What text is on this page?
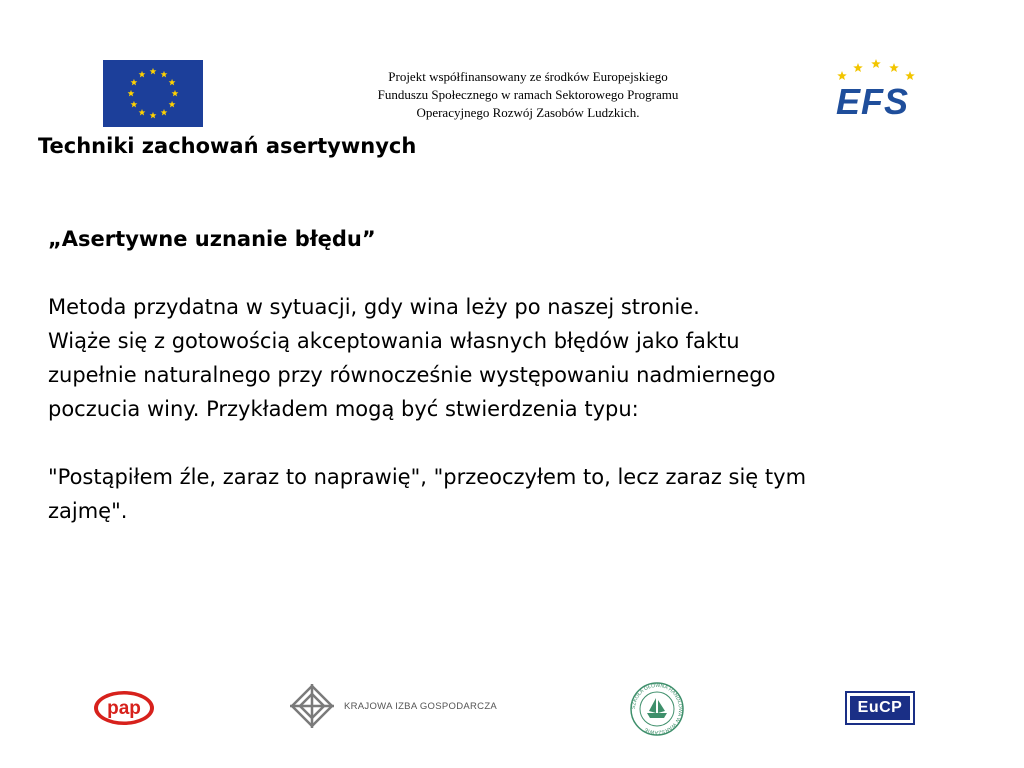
Projekt współfinansowany ze środków Europejskiego
Funduszu Społecznego w ramach Sektorowego Programu
Operacyjnego Rozwój Zasobów Ludzkich.	EFS
Techniki zachowań asertywnych
„Asertywne uznanie błędu”
Metoda przydatna w sytuacji, gdy wina leży po naszej stronie.
Wiąże się z gotowością akceptowania własnych błędów jako faktu
zupełnie naturalnego przy równocześnie występowaniu nadmiernego
poczucia winy. Przykładem mogą być stwierdzenia typu:
"Postąpiłem źle, zaraz to naprawię", "przeoczyłem to, lecz zaraz się tym
zajmę".
pap	KRAJOWA IZBA GOSPODARCZA	SZKOŁA GŁÓWNA HANDLOWA W WARSZAWIE
EuCP
